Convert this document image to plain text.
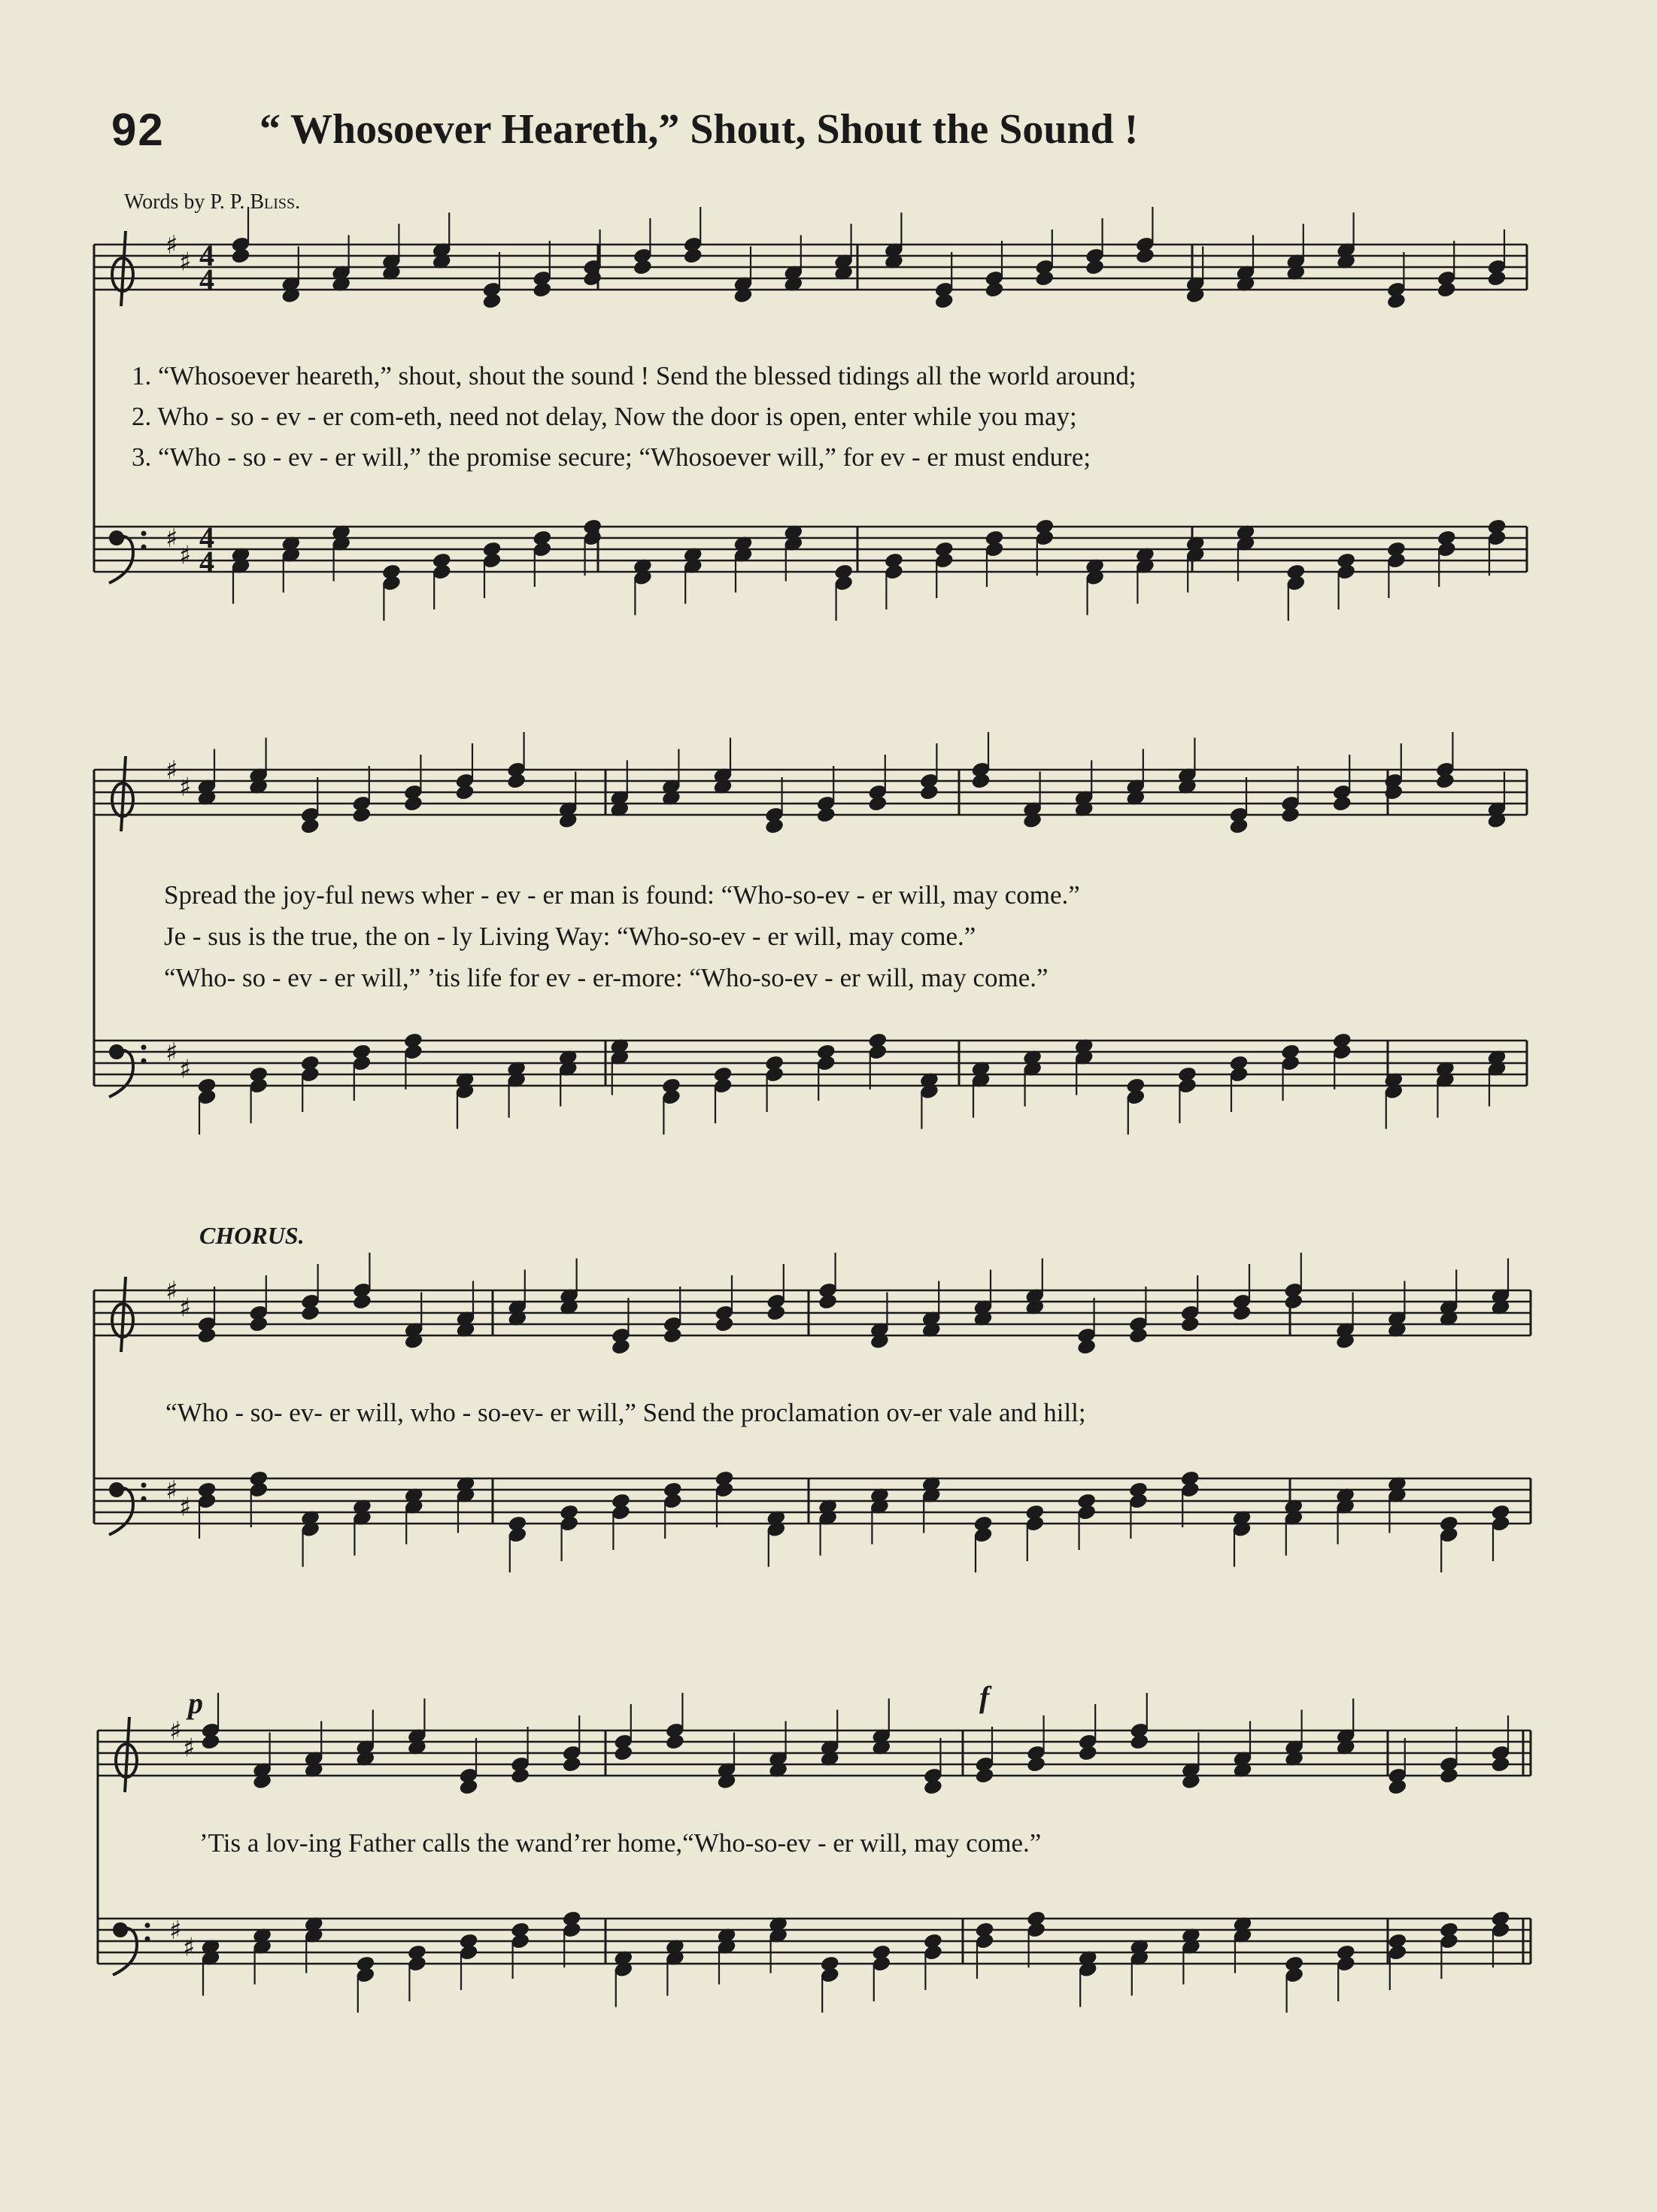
92 “ Whosoever Heareth,” Shout, Shout the Sound !
Words by P. P. Bliss.
♯
♯
♯
♯
♯
♯
♯
♯
♯
♯
♯
♯
♯
♯
♯
♯
4
4
4
4
1. “Whosoever heareth,” shout, shout the sound ! Send the blessed tidings all the world around;
2. Who - so - ev - er com-eth, need not delay, Now the door is open, enter while you may;
3. “Who - so - ev - er will,” the promise secure; “Whosoever will,” for ev - er must endure;
Spread the joy-ful news wher - ev - er man is found: “Who-so-ev - er will, may come.”
Je - sus is the true, the on - ly Living Way: “Who-so-ev - er will, may come.”
“Who- so - ev - er will,” ’tis life for ev - er-more: “Who-so-ev - er will, may come.”
CHORUS.
“Who - so- ev- er will, who - so-ev- er will,” Send the proclamation ov-er vale and hill;
p	f
’Tis a lov-ing Father calls the wand’rer home,“Who-so-ev - er will, may come.”
